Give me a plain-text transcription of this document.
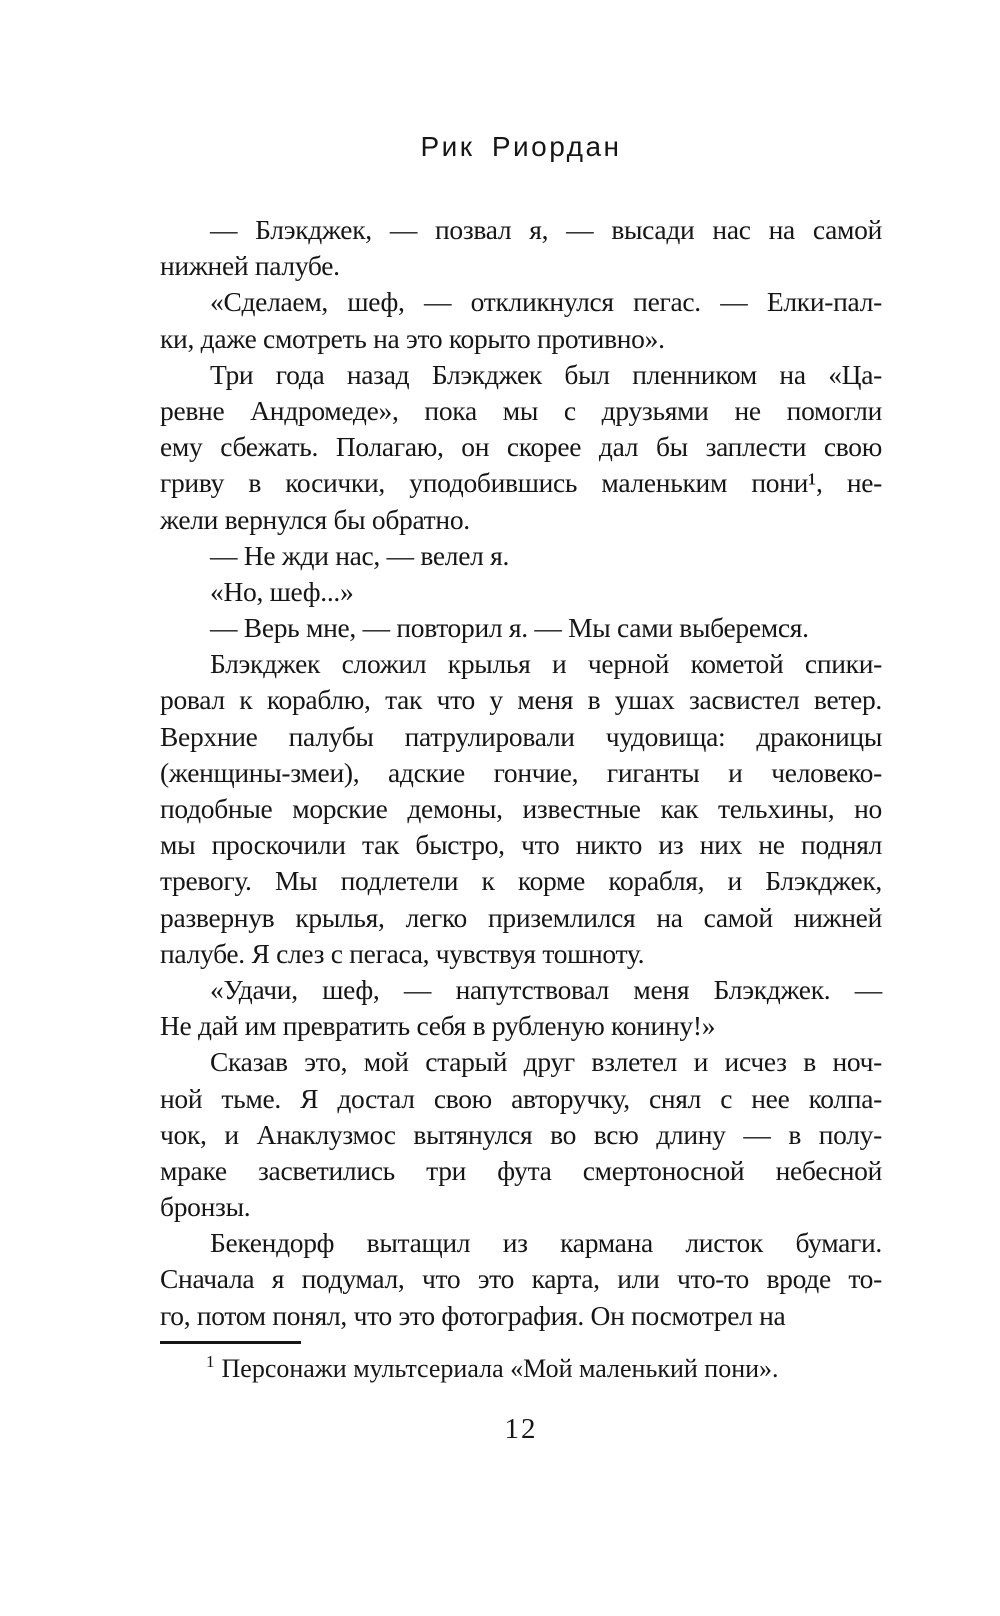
Рик Риордан
— Блэкджек, — позвал я, — высади нас на самой
нижней палубе.
«Сделаем, шеф, — откликнулся пегас. — Елки-пал-
ки, даже смотреть на это корыто противно».
Три года назад Блэкджек был пленником на «Ца-
ревне Андромеде», пока мы с друзьями не помогли
ему сбежать. Полагаю, он скорее дал бы заплести свою
гриву в косички, уподобившись маленьким пони¹, не-
жели вернулся бы обратно.
— Не жди нас, — велел я.
«Но, шеф...»
— Верь мне, — повторил я. — Мы сами выберемся.
Блэкджек сложил крылья и черной кометой спики-
ровал к кораблю, так что у меня в ушах засвистел ветер.
Верхние палубы патрулировали чудовища: драконицы
(женщины-змеи), адские гончие, гиганты и человеко-
подобные морские демоны, известные как тельхины, но
мы проскочили так быстро, что никто из них не поднял
тревогу. Мы подлетели к корме корабля, и Блэкджек,
развернув крылья, легко приземлился на самой нижней
палубе. Я слез с пегаса, чувствуя тошноту.
«Удачи, шеф, — напутствовал меня Блэкджек. —
Не дай им превратить себя в рубленую конину!»
Сказав это, мой старый друг взлетел и исчез в ноч-
ной тьме. Я достал свою авторучку, снял с нее колпа-
чок, и Анаклузмос вытянулся во всю длину — в полу-
мраке засветились три фута смертоносной небесной
бронзы.
Бекендорф вытащил из кармана листок бумаги.
Сначала я подумал, что это карта, или что-то вроде то-
го, потом понял, что это фотография. Он посмотрел на
$^1$ Персонажи мультсериала «Мой маленький пони».
12
